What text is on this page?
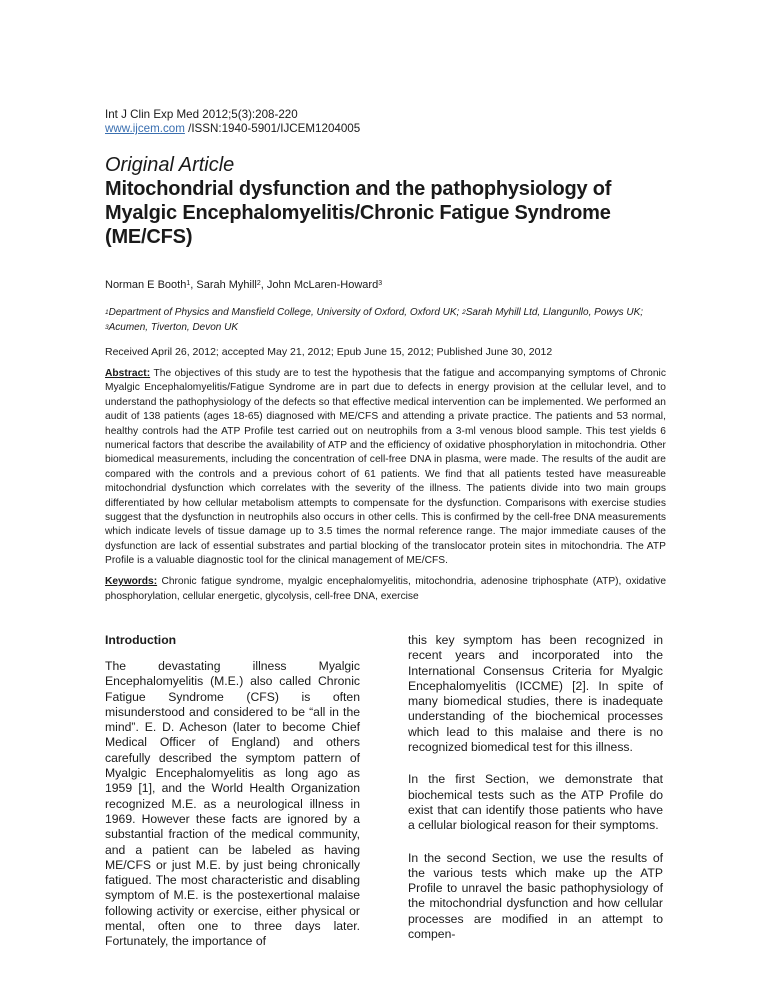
Int J Clin Exp Med 2012;5(3):208-220
www.ijcem.com /ISSN:1940-5901/IJCEM1204005
Original Article
Mitochondrial dysfunction and the pathophysiology of Myalgic Encephalomyelitis/Chronic Fatigue Syndrome (ME/CFS)
Norman E Booth$^1$, Sarah Myhill$^2$, John McLaren-Howard$^3$
$^1$Department of Physics and Mansfield College, University of Oxford, Oxford UK; $^2$Sarah Myhill Ltd, Llangunllo, Powys UK; $^3$Acumen, Tiverton, Devon UK
Received April 26, 2012; accepted May 21, 2012; Epub June 15, 2012; Published June 30, 2012
Abstract: The objectives of this study are to test the hypothesis that the fatigue and accompanying symptoms of Chronic Myalgic Encephalomyelitis/Fatigue Syndrome are in part due to defects in energy provision at the cellular level, and to understand the pathophysiology of the defects so that effective medical intervention can be implemented. We performed an audit of 138 patients (ages 18-65) diagnosed with ME/CFS and attending a private practice. The patients and 53 normal, healthy controls had the ATP Profile test carried out on neutrophils from a 3-ml venous blood sample. This test yields 6 numerical factors that describe the availability of ATP and the efficiency of oxidative phosphorylation in mitochondria. Other biomedical measurements, including the concentration of cell-free DNA in plasma, were made. The results of the audit are compared with the controls and a previous cohort of 61 patients. We find that all patients tested have measureable mitochondrial dysfunction which correlates with the severity of the illness. The patients divide into two main groups differentiated by how cellular metabolism attempts to compensate for the dysfunction. Comparisons with exercise studies suggest that the dysfunction in neutrophils also occurs in other cells. This is confirmed by the cell-free DNA measurements which indicate levels of tissue damage up to 3.5 times the normal reference range. The major immediate causes of the dysfunction are lack of essential substrates and partial blocking of the translocator protein sites in mitochondria. The ATP Profile is a valuable diagnostic tool for the clinical management of ME/CFS.
Keywords: Chronic fatigue syndrome, myalgic encephalomyelitis, mitochondria, adenosine triphosphate (ATP), oxidative phosphorylation, cellular energetic, glycolysis, cell-free DNA, exercise
Introduction

The devastating illness Myalgic Encephalomyelitis (M.E.) also called Chronic Fatigue Syndrome (CFS) is often misunderstood and considered to be “all in the mind”. E. D. Acheson (later to become Chief Medical Officer of England) and others carefully described the symptom pattern of Myalgic Encephalomyelitis as long ago as 1959 [1], and the World Health Organization recognized M.E. as a neurological illness in 1969. However these facts are ignored by a substantial fraction of the medical community, and a patient can be labeled as having ME/CFS or just M.E. by just being chronically fatigued. The most characteristic and disabling symptom of M.E. is the postexertional malaise following activity or exercise, either physical or mental, often one to three days later. Fortunately, the importance of

this key symptom has been recognized in recent years and incorporated into the International Consensus Criteria for Myalgic Encephalomyelitis (ICCME) [2]. In spite of many biomedical studies, there is inadequate understanding of the biochemical processes which lead to this malaise and there is no recognized biomedical test for this illness.

In the first Section, we demonstrate that biochemical tests such as the ATP Profile do exist that can identify those patients who have a cellular biological reason for their symptoms.

In the second Section, we use the results of the various tests which make up the ATP Profile to unravel the basic pathophysiology of the mitochondrial dysfunction and how cellular processes are modified in an attempt to compen-
